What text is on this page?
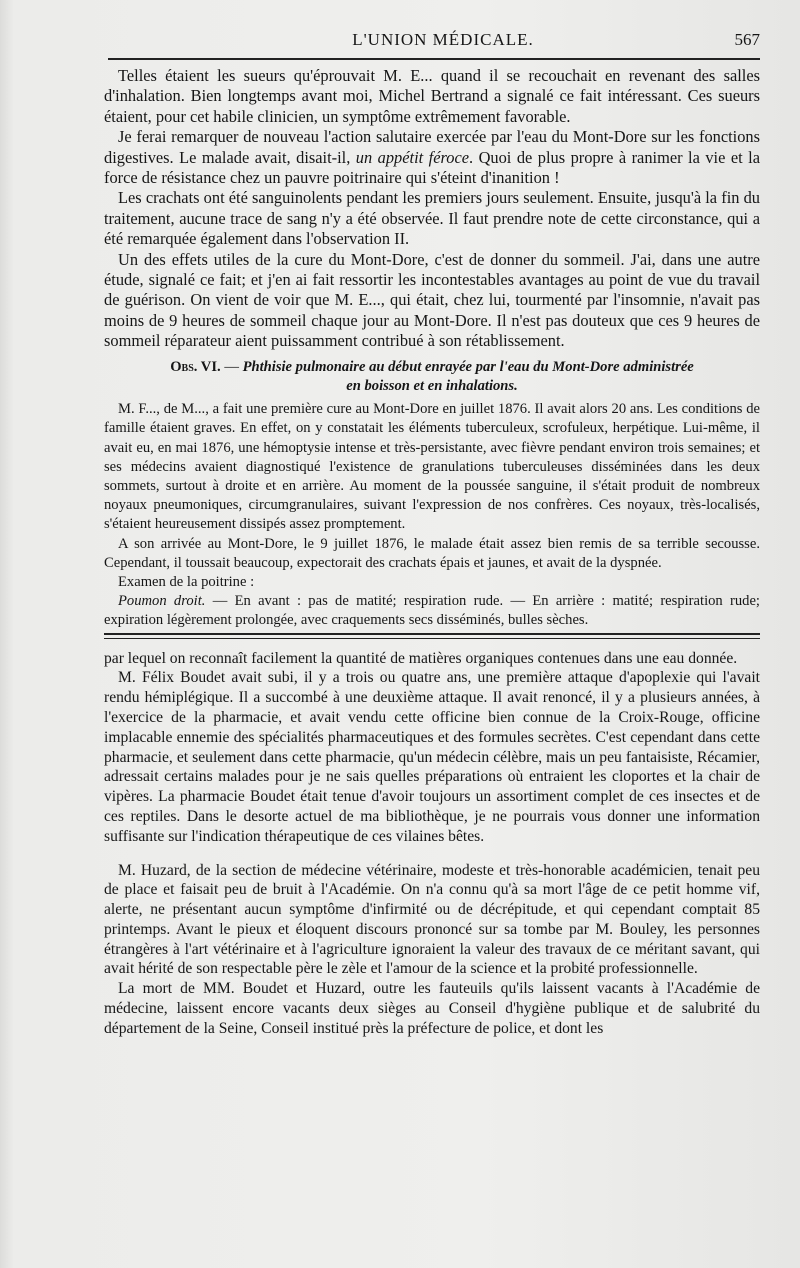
L'UNION MÉDICALE.	567

Telles étaient les sueurs qu'éprouvait M. E... quand il se recouchait en revenant des salles d'inhalation. Bien longtemps avant moi, Michel Bertrand a signalé ce fait intéressant. Ces sueurs étaient, pour cet habile clinicien, un symptôme extrêmement favorable.

Je ferai remarquer de nouveau l'action salutaire exercée par l'eau du Mont-Dore sur les fonctions digestives. Le malade avait, disait-il, un appétit féroce. Quoi de plus propre à ranimer la vie et la force de résistance chez un pauvre poitrinaire qui s'éteint d'inanition !

Les crachats ont été sanguinolents pendant les premiers jours seulement. Ensuite, jusqu'à la fin du traitement, aucune trace de sang n'y a été observée. Il faut prendre note de cette circonstance, qui a été remarquée également dans l'observation II.

Un des effets utiles de la cure du Mont-Dore, c'est de donner du sommeil. J'ai, dans une autre étude, signalé ce fait; et j'en ai fait ressortir les incontestables avantages au point de vue du travail de guérison. On vient de voir que M. E..., qui était, chez lui, tourmenté par l'insomnie, n'avait pas moins de 9 heures de sommeil chaque jour au Mont-Dore. Il n'est pas douteux que ces 9 heures de sommeil réparateur aient puissamment contribué à son rétablissement.

Obs. VI. — Phthisie pulmonaire au début enrayée par l'eau du Mont-Dore administrée
en boisson et en inhalations.

M. F..., de M..., a fait une première cure au Mont-Dore en juillet 1876. Il avait alors 20 ans. Les conditions de famille étaient graves. En effet, on y constatait les éléments tuberculeux, scrofuleux, herpétique. Lui-même, il avait eu, en mai 1876, une hémoptysie intense et très-persistante, avec fièvre pendant environ trois semaines; et ses médecins avaient diagnostiqué l'existence de granulations tuberculeuses disséminées dans les deux sommets, surtout à droite et en arrière. Au moment de la poussée sanguine, il s'était produit de nombreux noyaux pneumoniques, circumgranulaires, suivant l'expression de nos confrères. Ces noyaux, très-localisés, s'étaient heureusement dissipés assez promptement.

A son arrivée au Mont-Dore, le 9 juillet 1876, le malade était assez bien remis de sa terrible secousse. Cependant, il toussait beaucoup, expectorait des crachats épais et jaunes, et avait de la dyspnée.

Examen de la poitrine :

Poumon droit. — En avant : pas de matité; respiration rude. — En arrière : matité; respiration rude; expiration légèrement prolongée, avec craquements secs disséminés, bulles sèches.

par lequel on reconnaît facilement la quantité de matières organiques contenues dans une eau donnée.

M. Félix Boudet avait subi, il y a trois ou quatre ans, une première attaque d'apoplexie qui l'avait rendu hémiplégique. Il a succombé à une deuxième attaque. Il avait renoncé, il y a plusieurs années, à l'exercice de la pharmacie, et avait vendu cette officine bien connue de la Croix-Rouge, officine implacable ennemie des spécialités pharmaceutiques et des formules secrètes. C'est cependant dans cette pharmacie, et seulement dans cette pharmacie, qu'un médecin célèbre, mais un peu fantaisiste, Récamier, adressait certains malades pour je ne sais quelles préparations où entraient les cloportes et la chair de vipères. La pharmacie Boudet était tenue d'avoir toujours un assortiment complet de ces insectes et de ces reptiles. Dans le desorte actuel de ma bibliothèque, je ne pourrais vous donner une information suffisante sur l'indication thérapeutique de ces vilaines bêtes.

M. Huzard, de la section de médecine vétérinaire, modeste et très-honorable académicien, tenait peu de place et faisait peu de bruit à l'Académie. On n'a connu qu'à sa mort l'âge de ce petit homme vif, alerte, ne présentant aucun symptôme d'infirmité ou de décrépitude, et qui cependant comptait 85 printemps. Avant le pieux et éloquent discours prononcé sur sa tombe par M. Bouley, les personnes étrangères à l'art vétérinaire et à l'agriculture ignoraient la valeur des travaux de ce méritant savant, qui avait hérité de son respectable père le zèle et l'amour de la science et la probité professionnelle.

La mort de MM. Boudet et Huzard, outre les fauteuils qu'ils laissent vacants à l'Académie de médecine, laissent encore vacants deux sièges au Conseil d'hygiène publique et de salubrité du département de la Seine, Conseil institué près la préfecture de police, et dont les
